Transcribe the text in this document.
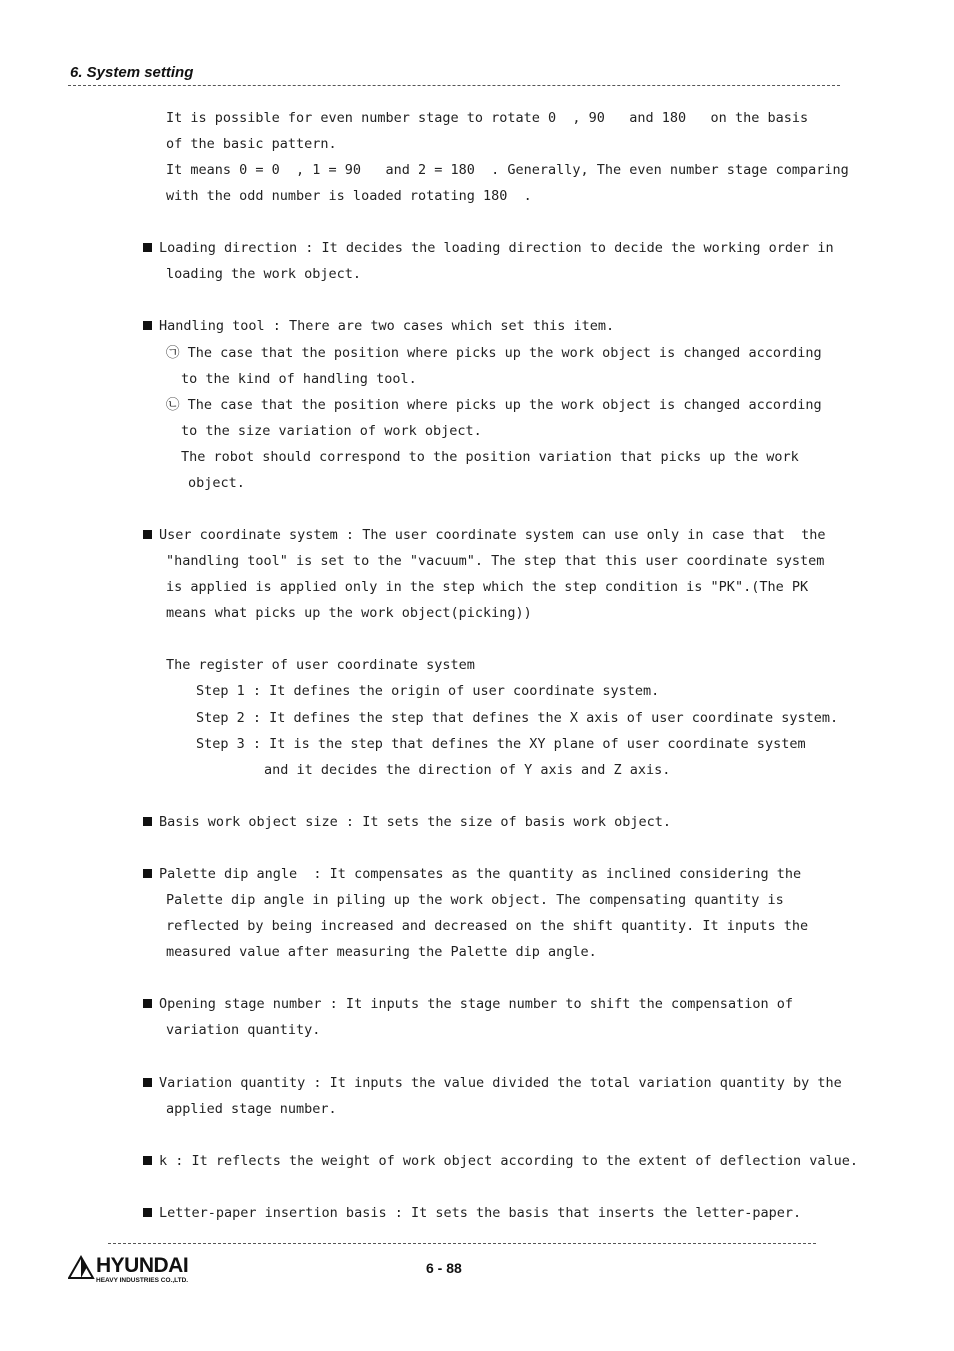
6. System setting
It is possible for even number stage to rotate 0  , 90   and 180   on the basis
of the basic pattern.
It means 0 = 0  , 1 = 90   and 2 = 180  . Generally, The even number stage comparing
with the odd number is loaded rotating 180  .
Loading direction : It decides the loading direction to decide the working order in
loading the work object.
Handling tool : There are two cases which set this item.
㉠ The case that the position where picks up the work object is changed according
to the kind of handling tool.
㉡ The case that the position where picks up the work object is changed according
to the size variation of work object.
The robot should correspond to the position variation that picks up the work
object.
User coordinate system : The user coordinate system can use only in case that  the
"handling tool" is set to the "vacuum". The step that this user coordinate system
is applied is applied only in the step which the step condition is "PK".(The PK
means what picks up the work object(picking))
The register of user coordinate system
Step 1 : It defines the origin of user coordinate system.
Step 2 : It defines the step that defines the X axis of user coordinate system.
Step 3 : It is the step that defines the XY plane of user coordinate system
and it decides the direction of Y axis and Z axis.
Basis work object size : It sets the size of basis work object.
Palette dip angle  : It compensates as the quantity as inclined considering the
Palette dip angle in piling up the work object. The compensating quantity is
reflected by being increased and decreased on the shift quantity. It inputs the
measured value after measuring the Palette dip angle.
Opening stage number : It inputs the stage number to shift the compensation of
variation quantity.
Variation quantity : It inputs the value divided the total variation quantity by the
applied stage number.
k : It reflects the weight of work object according to the extent of deflection value.
Letter-paper insertion basis : It sets the basis that inserts the letter-paper.
HYUNDAI
HEAVY INDUSTRIES CO.,LTD.
6 - 88
